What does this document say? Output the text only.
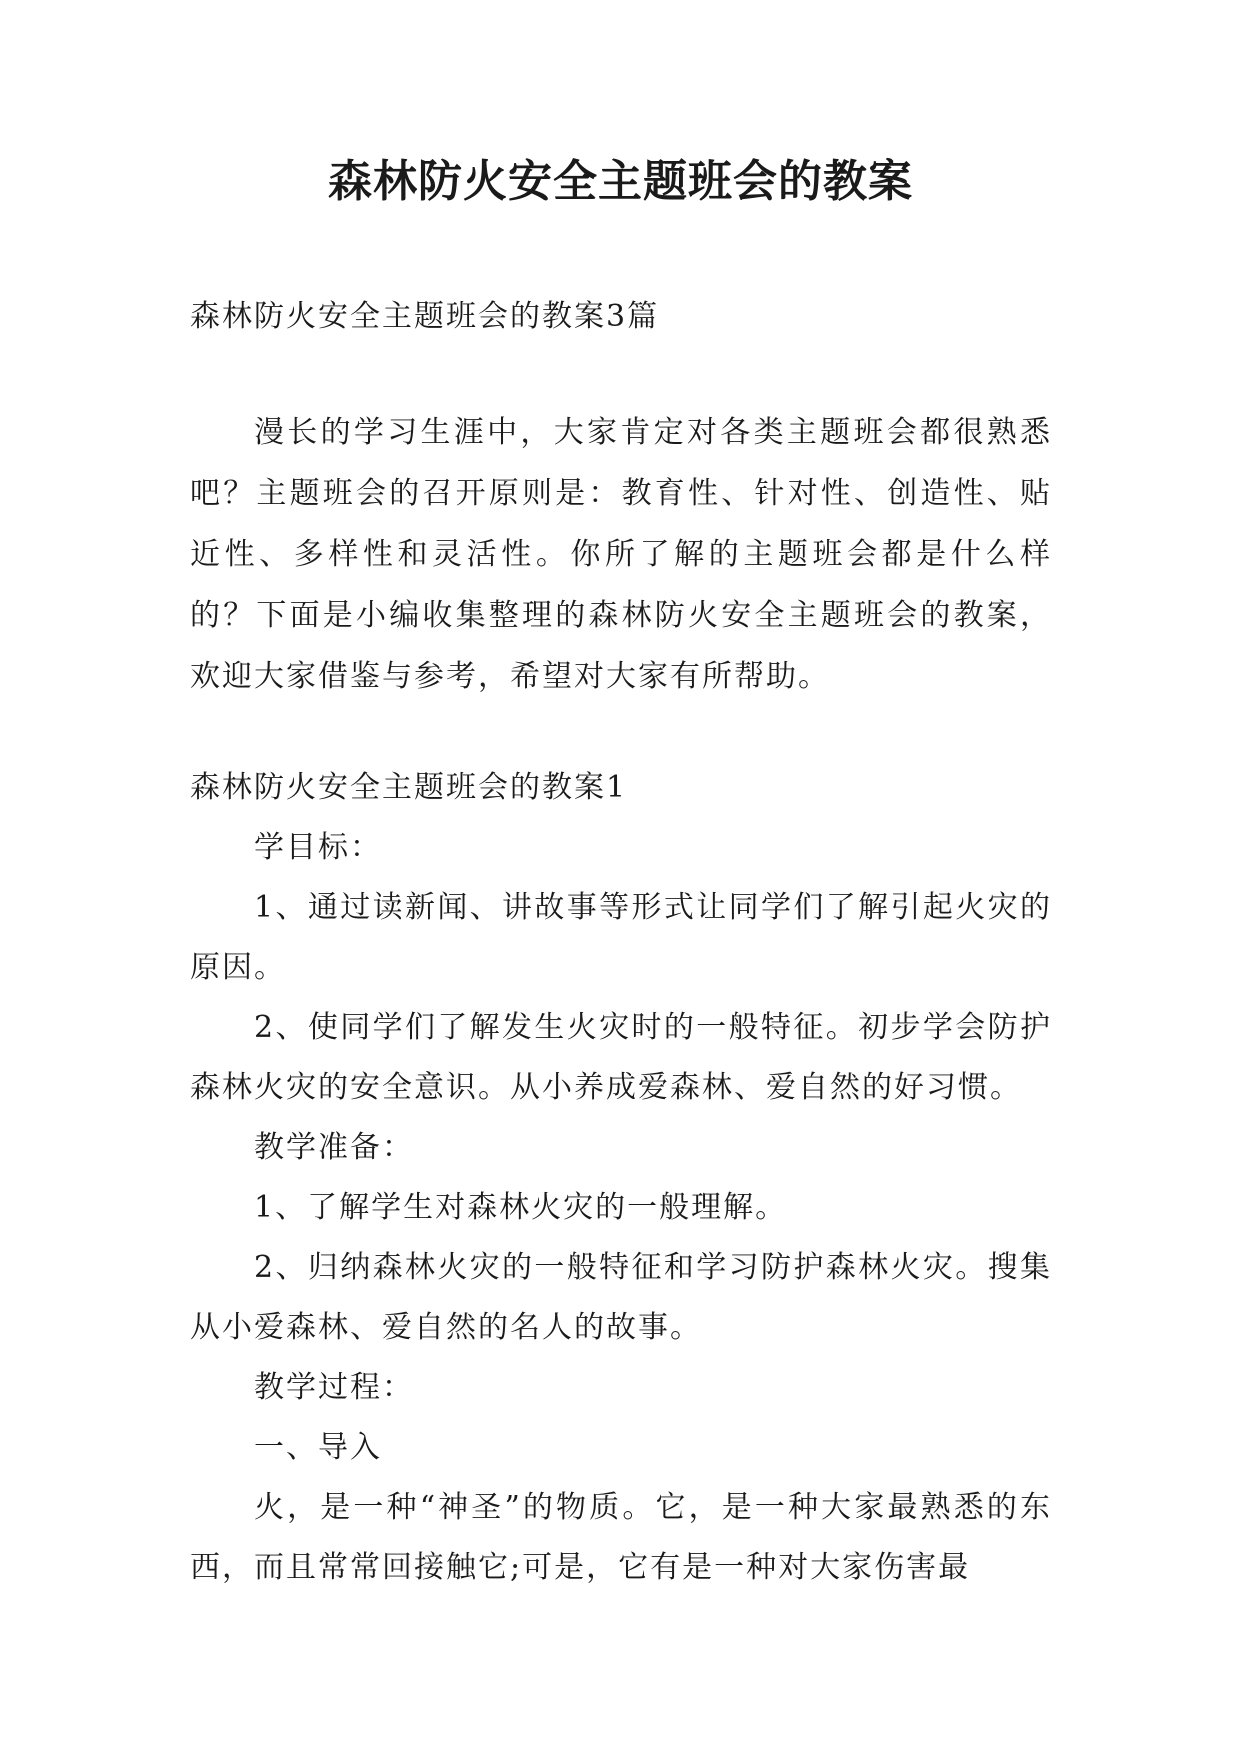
森林防火安全主题班会的教案

森林防火安全主题班会的教案3篇

漫长的学习生涯中，大家肯定对各类主题班会都很熟悉吧？主题班会的召开原则是：教育性、针对性、创造性、贴近性、多样性和灵活性。你所了解的主题班会都是什么样的？下面是小编收集整理的森林防火安全主题班会的教案，欢迎大家借鉴与参考，希望对大家有所帮助。

森林防火安全主题班会的教案1

学目标：

1、通过读新闻、讲故事等形式让同学们了解引起火灾的原因。

2、使同学们了解发生火灾时的一般特征。初步学会防护森林火灾的安全意识。从小养成爱森林、爱自然的好习惯。

教学准备：

1、了解学生对森林火灾的一般理解。

2、归纳森林火灾的一般特征和学习防护森林火灾。搜集从小爱森林、爱自然的名人的故事。

教学过程：

一、导入

火，是一种“神圣”的物质。它，是一种大家最熟悉的东西，而且常常回接触它;可是，它有是一种对大家伤害最
